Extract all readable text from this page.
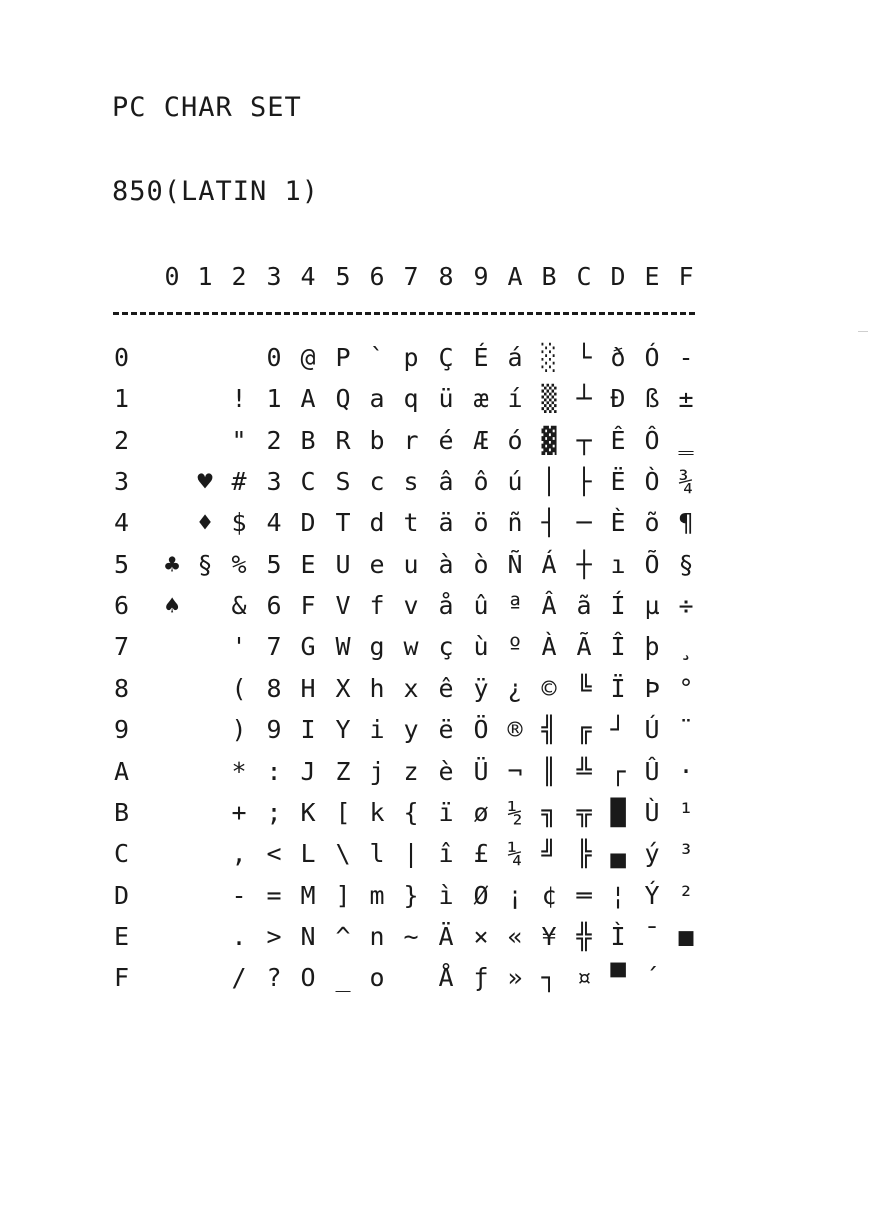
PC CHAR SET
850(LATIN 1)
0 1 2 3 4 5 6 7 8 9 A B C D E F
0
1
2
3
4
5
6
7
8
9
A
B
C
D
E
F
0 @ P ` p Ç É á ░ └ ð Ó -
! 1 A Q a q ü æ í ▒ ┴ Ð ß ±
" 2 B R b r é Æ ó ▓ ┬ Ê Ô ‗
♥ # 3 C S c s â ô ú │ ├ Ë Ò ¾
♦ $ 4 D T d t ä ö ñ ┤ ─ È õ ¶
♣ § % 5 E U e u à ò Ñ Á ┼ ı Õ §
♠	& 6 F V f v å û ª Â ã Í µ ÷
' 7 G W g w ç ù º À Ã Î þ ¸
( 8 H X h x ê ÿ ¿ © ╚ Ï Þ °
) 9 I Y i y ë Ö ® ╣ ╔ ┘ Ú ¨
* : J Z j z è Ü ¬ ║ ╩ ┌ Û ·
+ ; K [ k { ï ø ½ ╗ ╦ █ Ù ¹
, < L \ l | î £ ¼ ╝ ╠ ▄ ý ³
- = M ] m } ì Ø ¡ ¢ ═ ¦ Ý ²
. > N ^ n ~ Ä × « ¥ ╬ Ì ¯ ■
/ ? O _ o	Å ƒ » ┐ ¤ ▀ ´
